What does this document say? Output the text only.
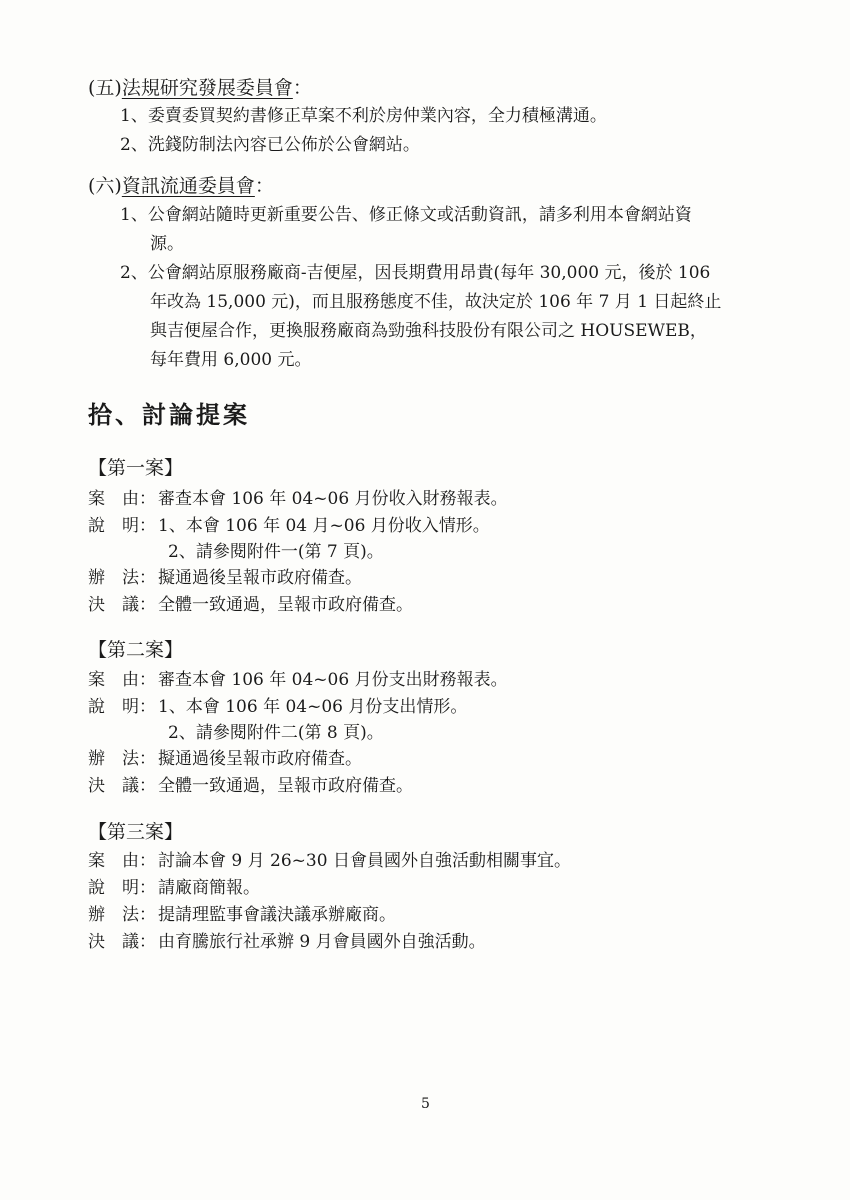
(五)法規研究發展委員會：
1、委賣委買契約書修正草案不利於房仲業內容，全力積極溝通。
2、洗錢防制法內容已公佈於公會網站。
(六)資訊流通委員會：
1、公會網站隨時更新重要公告、修正條文或活動資訊，請多利用本會網站資
源。
2、公會網站原服務廠商-吉便屋，因長期費用昂貴(每年 30,000 元，後於 106
年改為 15,000 元)，而且服務態度不佳，故決定於 106 年 7 月 1 日起終止
與吉便屋合作，更換服務廠商為勁強科技股份有限公司之 HOUSEWEB，
每年費用 6,000 元。
拾、討論提案
【第一案】
案　由： 審查本會 106 年 04~06 月份收入財務報表。
說　明： 1、本會 106 年 04 月~06 月份收入情形。
2、請參閱附件一(第 7 頁)。
辦　法： 擬通過後呈報市政府備查。
決　議： 全體一致通過，呈報市政府備查。
【第二案】
案　由： 審查本會 106 年 04~06 月份支出財務報表。
說　明： 1、本會 106 年 04~06 月份支出情形。
2、請參閱附件二(第 8 頁)。
辦　法： 擬通過後呈報市政府備查。
決　議： 全體一致通過，呈報市政府備查。
【第三案】
案　由： 討論本會 9 月 26~30 日會員國外自強活動相關事宜。
說　明： 請廠商簡報。
辦　法： 提請理監事會議決議承辦廠商。
決　議： 由育騰旅行社承辦 9 月會員國外自強活動。
5
